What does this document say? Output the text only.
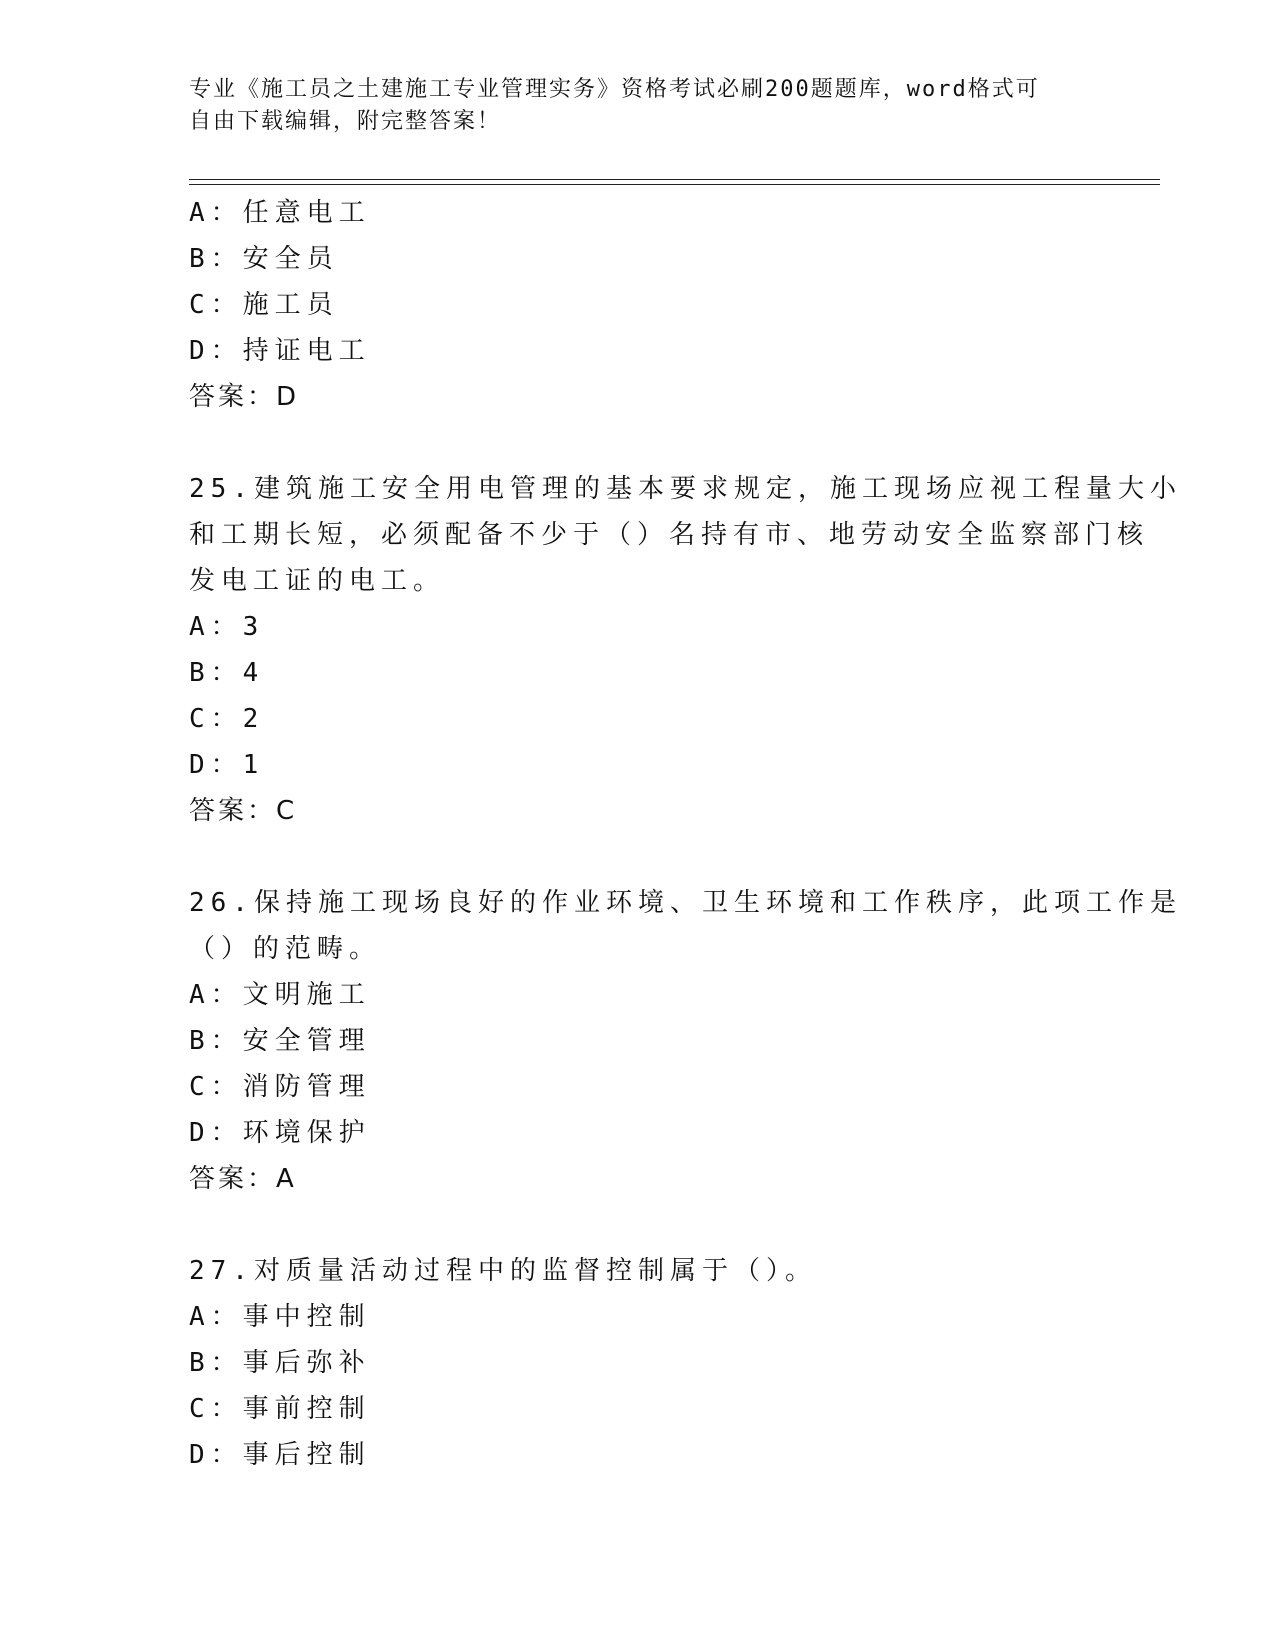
专业《施工员之土建施工专业管理实务》资格考试必刷200题题库，word格式可
自由下载编辑，附完整答案！
A：任意电工
B：安全员
C：施工员
D：持证电工
答案：D
25.建筑施工安全用电管理的基本要求规定，施工现场应视工程量大小
和工期长短，必须配备不少于（）名持有市、地劳动安全监察部门核
发电工证的电工。
A：3
B：4
C：2
D：1
答案：C
26.保持施工现场良好的作业环境、卫生环境和工作秩序，此项工作是
（）的范畴。
A：文明施工
B：安全管理
C：消防管理
D：环境保护
答案：A
27.对质量活动过程中的监督控制属于（）。
A：事中控制
B：事后弥补
C：事前控制
D：事后控制
